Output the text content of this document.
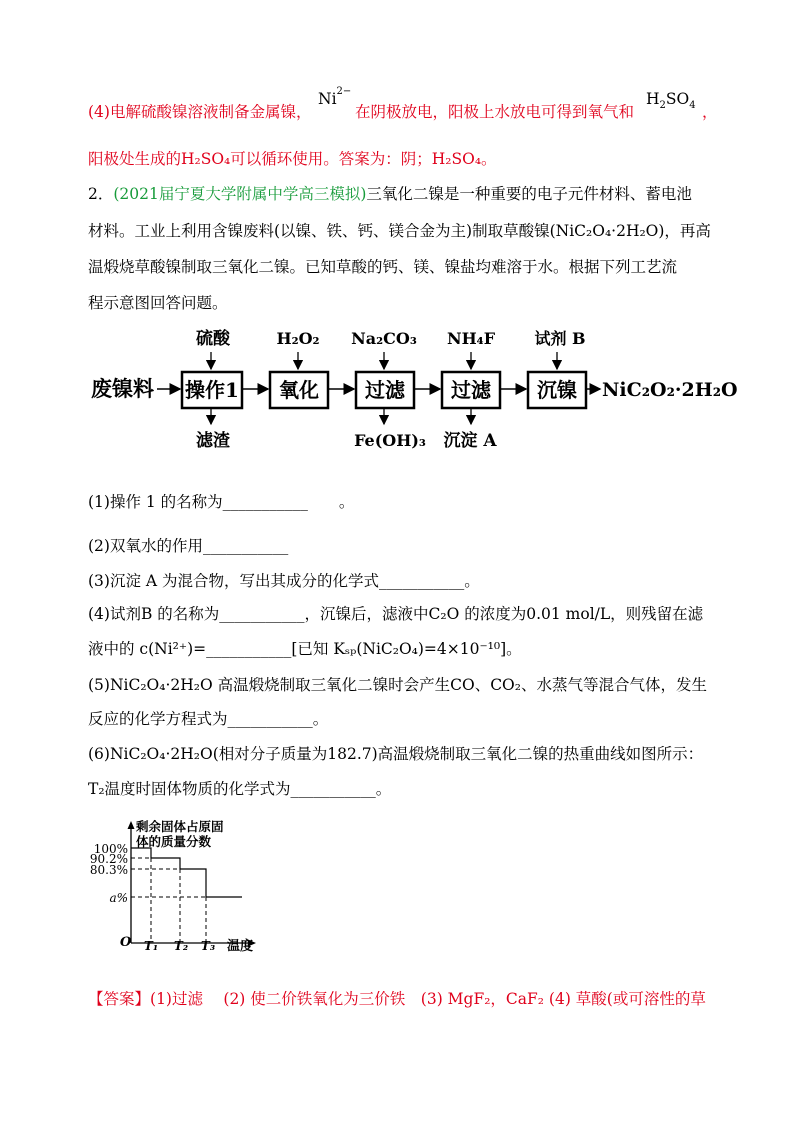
(4)电解硫酸镍溶液制备金属镍，
$Ni^{2-}$
在阴极放电，阳极上水放电可得到氧气和
$H_2SO_4$ ，
阳极处生成的H₂SO₄可以循环使用。答案为：阴；H₂SO₄。
2．(2021届宁夏大学附属中学高三模拟)三氧化二镍是一种重要的电子元件材料、蓄电池
材料。工业上利用含镍废料(以镍、铁、钙、镁合金为主)制取草酸镍(NiC₂O₄·2H₂O)，再高
温煅烧草酸镍制取三氧化二镍。已知草酸的钙、镁、镍盐均难溶于水。根据下列工艺流
程示意图回答问题。
硫酸	H₂O₂ Na₂CO₃ NH₄F 试剂 B
废镍料 操作1 氧化 过滤 过滤 沉镍 NiC₂O₂·2H₂O
滤渣	Fe(OH)₃ 沉淀 A
(1)操作 1 的名称为___________　　。
(2)双氧水的作用___________
(3)沉淀 A 为混合物，写出其成分的化学式___________。
(4)试剂B 的名称为___________，沉镍后，滤液中C₂O 的浓度为0.01 mol/L，则残留在滤
液中的 c(Ni²⁺)=___________[已知 Kₛₚ(NiC₂O₄)=4×10⁻¹⁰]。
(5)NiC₂O₄·2H₂O 高温煅烧制取三氧化二镍时会产生CO、CO₂、水蒸气等混合气体，发生
反应的化学方程式为___________。
(6)NiC₂O₄·2H₂O(相对分子质量为182.7)高温煅烧制取三氧化二镍的热重曲线如图所示：
T₂温度时固体物质的化学式为___________。
剩余固体占原固
体的质量分数
100%
90.2%
80.3%
a%
O T₁ T₂ T₃ 温度
【答案】(1)过滤　 (2) 使二价铁氧化为三价铁　(3) MgF₂，CaF₂ (4) 草酸(或可溶性的草
